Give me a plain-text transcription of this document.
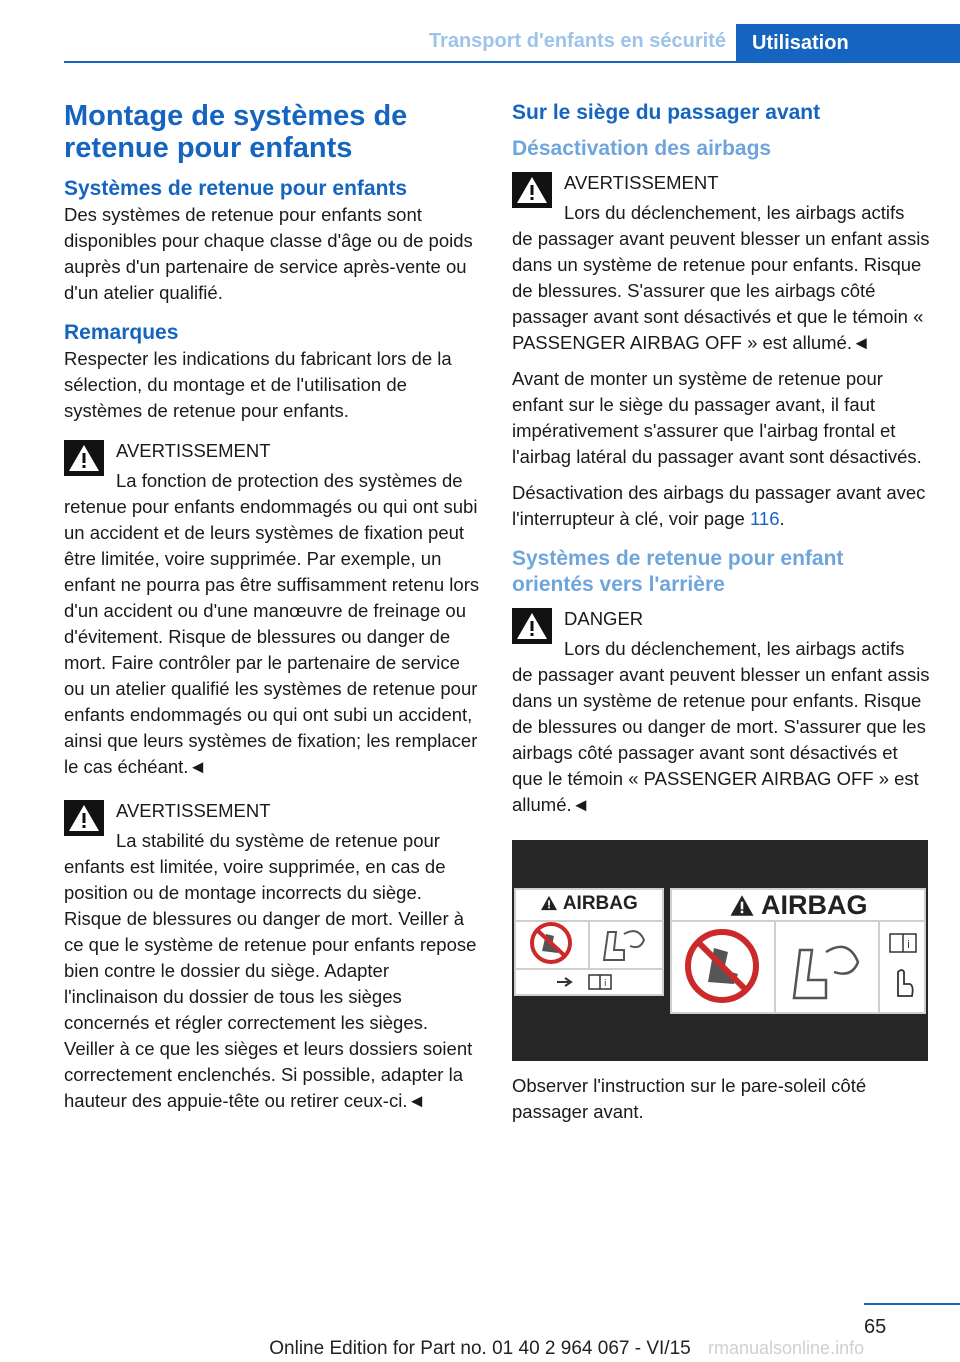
Transport d'enfants en sécurité	Utilisation
Montage de systèmes de retenue pour enfants
Systèmes de retenue pour enfants

Des systèmes de retenue pour enfants sont disponibles pour chaque classe d'âge ou de poids auprès d'un partenaire de service après-vente ou d'un atelier qualifié.

Remarques

Respecter les indications du fabricant lors de la sélection, du montage et de l'utilisation de systèmes de retenue pour enfants.

AVERTISSEMENT
La fonction de protection des systèmes de retenue pour enfants endommagés ou qui ont subi un accident et de leurs systèmes de fixation peut être limitée, voire supprimée. Par exemple, un enfant ne pourra pas être suffisamment retenu lors d'un accident ou d'une manœuvre de freinage ou d'évitement. Risque de blessures ou danger de mort. Faire contrôler par le partenaire de service ou un atelier qualifié les systèmes de retenue pour enfants endommagés ou qui ont subi un accident, ainsi que leurs systèmes de fixation; les remplacer le cas échéant.◄
AVERTISSEMENT
La stabilité du système de retenue pour enfants est limitée, voire supprimée, en cas de position ou de montage incorrects du siège. Risque de blessures ou danger de mort. Veiller à ce que le système de retenue pour enfants repose bien contre le dossier du siège. Adapter l'inclinaison du dossier de tous les sièges concernés et régler correctement les sièges. Veiller à ce que les sièges et leurs dossiers soient correctement enclenchés. Si possible, adapter la hauteur des appuie-tête ou retirer ceux-ci.◄
Sur le siège du passager avant
Désactivation des airbags
AVERTISSEMENT
Lors du déclenchement, les airbags actifs de passager avant peuvent blesser un enfant assis dans un système de retenue pour enfants. Risque de blessures. S'assurer que les airbags côté passager avant sont désactivés et que le témoin « PASSENGER AIRBAG OFF » est allumé.◄

Avant de monter un système de retenue pour enfant sur le siège du passager avant, il faut impérativement s'assurer que l'airbag frontal et l'airbag latéral du passager avant sont désactivés.

Désactivation des airbags du passager avant avec l'interrupteur à clé, voir page 116.

Systèmes de retenue pour enfant orientés vers l'arrière
DANGER
Lors du déclenchement, les airbags actifs de passager avant peuvent blesser un enfant assis dans un système de retenue pour enfants. Risque de blessures ou danger de mort. S'assurer que les airbags côté passager avant sont désactivés et que le témoin « PASSENGER AIRBAG OFF » est allumé.◄
AIRBAG
i
AIRBAG
i

Observer l'instruction sur le pare-soleil côté passager avant.

65
Online Edition for Part no. 01 40 2 964 067 - VI/15 rmanualsonline.info
